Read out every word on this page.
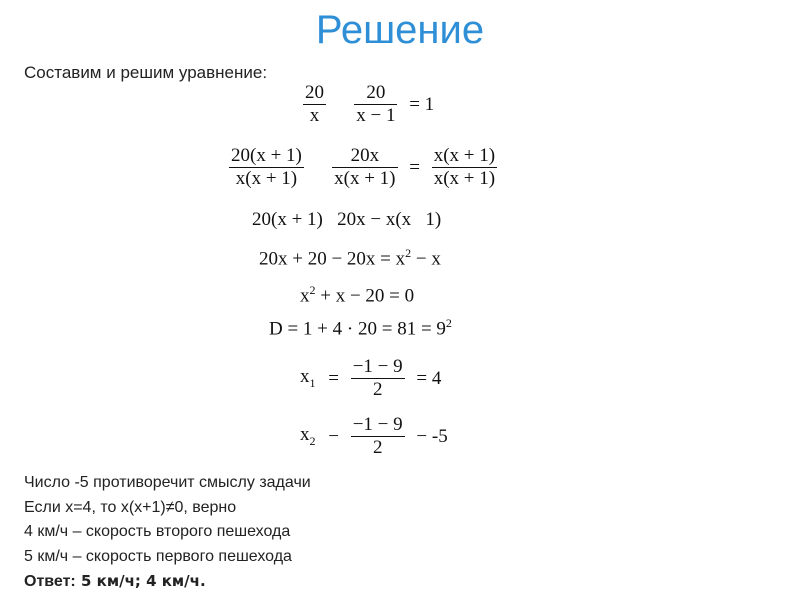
Решение
Составим и решим уравнение:
$\frac{20}{x}$
$\frac{20}{x - 1} = 1$
$\frac{20(x + 1)}{x(x + 1)}$
$\frac{20x}{x(x + 1)} = \frac{x(x + 1)}{x(x + 1)}$
20(x + 1)   20x − x(x   1)
$20x + 20 - 20x = x^2 - x$
$x^2 + x - 20 = 0$
$D = 1 + 4 \cdot 20 = 81 = 9^2$
$x_1 = \frac{-1 - 9}{2} = 4$
$x_2 - \frac{-1 - 9}{2} - -5$
Число -5 противоречит смыслу задачи
Если x=4, то x(x+1)≠0, верно
4 км/ч – скорость второго пешехода
5 км/ч – скорость первого пешехода
Ответ: 5 км/ч; 4 км/ч.
